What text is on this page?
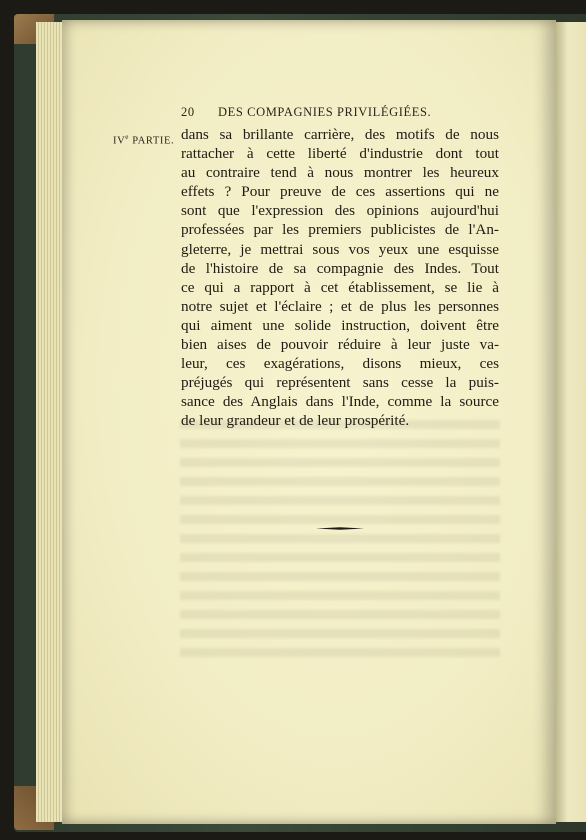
20 DES COMPAGNIES PRIVILÉGIÉES.
IVe PARTIE. dans sa brillante carrière, des motifs de nous
rattacher à cette liberté d'industrie dont tout
au contraire tend à nous montrer les heureux
effets ? Pour preuve de ces assertions qui ne
sont que l'expression des opinions aujourd'hui
professées par les premiers publicistes de l'An-
gleterre, je mettrai sous vos yeux une esquisse
de l'histoire de sa compagnie des Indes. Tout
ce qui a rapport à cet établissement, se lie à
notre sujet et l'éclaire ; et de plus les personnes
qui aiment une solide instruction, doivent être
bien aises de pouvoir réduire à leur juste va-
leur, ces exagérations, disons mieux, ces
préjugés qui représentent sans cesse la puis-
sance des Anglais dans l'Inde, comme la source
de leur grandeur et de leur prospérité.
